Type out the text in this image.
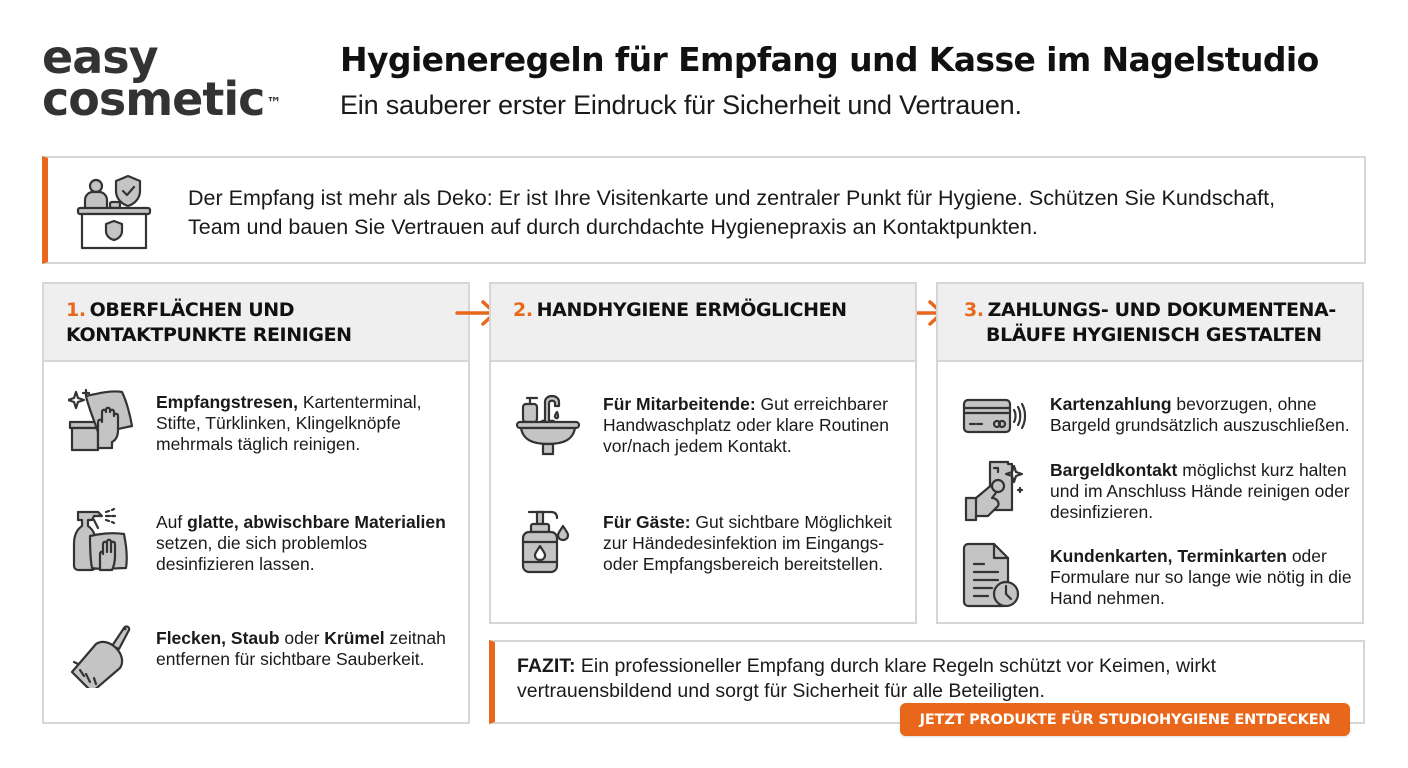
easy
cosmetic ™
Hygieneregeln für Empfang und Kasse im Nagelstudio
Ein sauberer erster Eindruck für Sicherheit und Vertrauen.
Der Empfang ist mehr als Deko: Er ist Ihre Visitenkarte und zentraler Punkt für Hygiene. Schützen Sie Kundschaft,
Team und bauen Sie Vertrauen auf durch durchdachte Hygienepraxis an Kontaktpunkten.
1. OBERFLÄCHEN UND KONTAKTPUNKTE REINIGEN
Empfangstresen, Kartenterminal, Stifte, Türklinken, Klingelknöpfe mehrmals täglich reinigen.
Auf glatte, abwischbare Materialien setzen, die sich problemlos desinfizieren lassen.
Flecken, Staub oder Krümel zeitnah entfernen für sichtbare Sauberkeit.
2. HANDHYGIENE ERMÖGLICHEN
Für Mitarbeitende: Gut erreichbarer Handwaschplatz oder klare Routinen vor/nach jedem Kontakt.
Für Gäste: Gut sichtbare Möglichkeit zur Händedesinfektion im Eingangs- oder Empfangsbereich bereitstellen.
3. ZAHLUNGS- UND DOKUMENTENA-
BLÄUFE HYGIENISCH GESTALTEN
Kartenzahlung bevorzugen, ohne Bargeld grundsätzlich auszuschließen.
Bargeldkontakt möglichst kurz halten und im Anschluss Hände reinigen oder desinfizieren.
Kundenkarten, Terminkarten oder Formulare nur so lange wie nötig in die Hand nehmen.
FAZIT: Ein professioneller Empfang durch klare Regeln schützt vor Keimen, wirkt vertrauensbildend und sorgt für Sicherheit für alle Beteiligten.
JETZT PRODUKTE FÜR STUDIOHYGIENE ENTDECKEN
